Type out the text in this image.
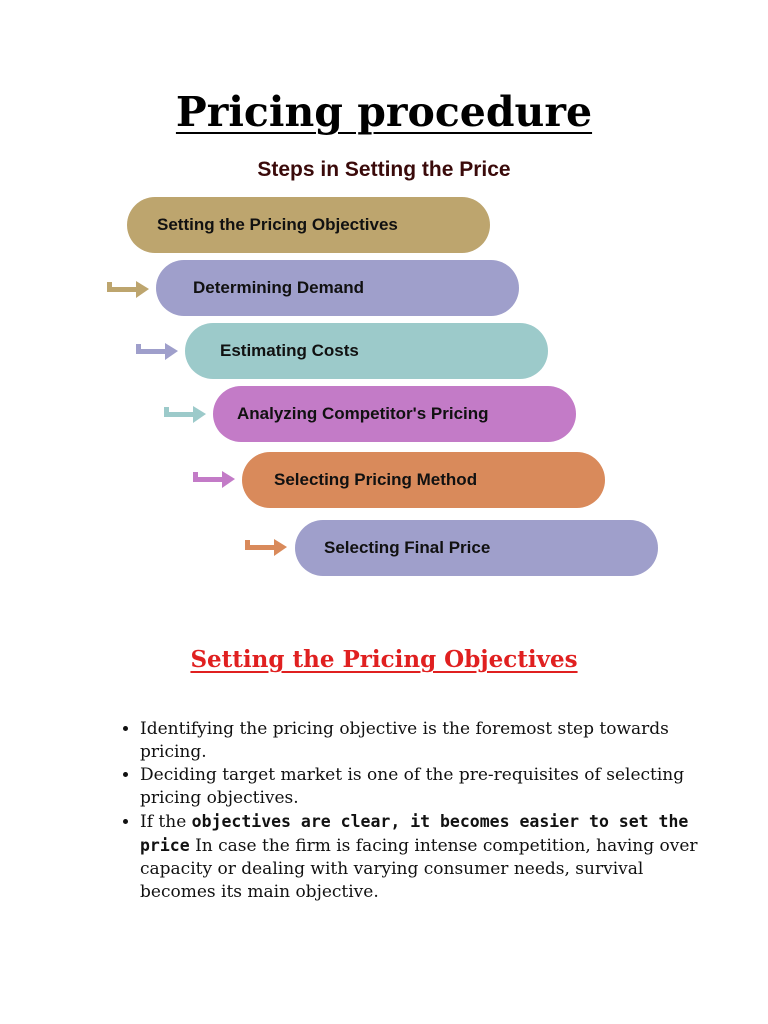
Pricing procedure
Steps in Setting the Price
Setting the Pricing Objectives
Determining Demand
Estimating Costs
Analyzing Competitor's Pricing
Selecting Pricing Method
Selecting Final Price
Setting the Pricing Objectives
• Identifying the pricing objective is the foremost step towards pricing.
• Deciding target market is one of the pre-requisites of selecting pricing objectives.
• If the objectives are clear, it becomes easier to set the price In case the firm is facing intense competition, having over capacity or dealing with varying consumer needs, survival becomes its main objective.
